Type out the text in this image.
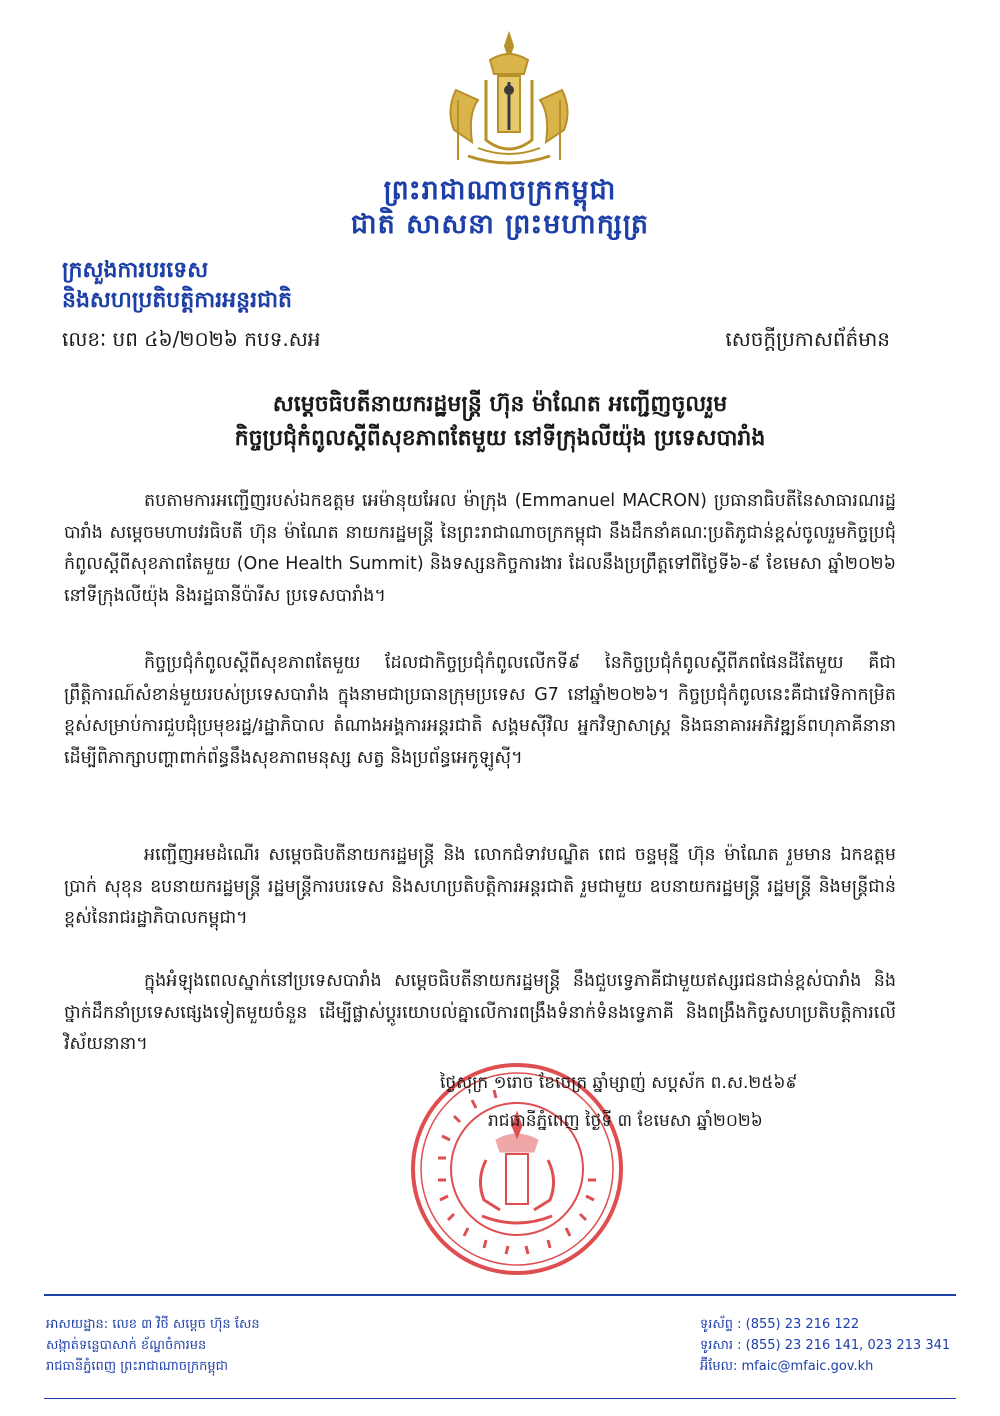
ព្រះរាជាណាចក្រកម្ពុជា
ជាតិ សាសនា ព្រះមហាក្សត្រ
ក្រសួងការបរទេស
និងសហប្រតិបត្តិការអន្តរជាតិ
លេខៈ បព ៤៦/២០២៦ កបទ.សអ	សេចក្តីប្រកាសព័ត៌មាន
សម្តេចធិបតីនាយករដ្ឋមន្ត្រី ហ៊ុន ម៉ាណែត អញ្ជើញចូលរួម
កិច្ចប្រជុំកំពូលស្តីពីសុខភាពតែមួយ នៅទីក្រុងលីយ៉ុង ប្រទេសបារាំង
តបតាមការអញ្ជើញរបស់ឯកឧត្តម អេម៉ានុយអែល ម៉ាក្រុង (Emmanuel MACRON) ប្រធានាធិបតីនៃសាធារណរដ្ឋបារាំង សម្តេចមហាបវរធិបតី ហ៊ុន ម៉ាណែត នាយករដ្ឋមន្ត្រី នៃព្រះរាជាណាចក្រកម្ពុជា នឹងដឹកនាំគណៈប្រតិភូជាន់ខ្ពស់ចូលរួមកិច្ចប្រជុំកំពូលស្តីពីសុខភាពតែមួយ (One Health Summit) និងទស្សនកិច្ចការងារ ដែលនឹងប្រព្រឹត្តទៅពីថ្ងៃទី៦-៩ ខែមេសា ឆ្នាំ២០២៦ នៅទីក្រុងលីយ៉ុង និងរដ្ឋធានីប៉ារីស ប្រទេសបារាំង។
កិច្ចប្រជុំកំពូលស្តីពីសុខភាពតែមួយ ដែលជាកិច្ចប្រជុំកំពូលលើកទី៩ នៃកិច្ចប្រជុំកំពូលស្តីពីភពផែនដីតែមួយ គឺជាព្រឹត្តិការណ៍សំខាន់មួយរបស់ប្រទេសបារាំង ក្នុងនាមជាប្រធានក្រុមប្រទេស G7 នៅឆ្នាំ២០២៦។ កិច្ចប្រជុំកំពូលនេះគឺជាវេទិកាកម្រិតខ្ពស់សម្រាប់ការជួបជុំប្រមុខរដ្ឋ/រដ្ឋាភិបាល តំណាងអង្គការអន្តរជាតិ សង្គមស៊ីវិល អ្នកវិទ្យាសាស្ត្រ និងធនាគារអភិវឌ្ឍន៍ពហុភាគីនានា ដើម្បីពិភាក្សាបញ្ហាពាក់ព័ន្ធនឹងសុខភាពមនុស្ស សត្វ និងប្រព័ន្ធអេកូឡូស៊ី។
អញ្ជើញអមដំណើរ សម្តេចធិបតីនាយករដ្ឋមន្ត្រី និង លោកជំទាវបណ្ឌិត ពេជ ចន្ទមុន្នី ហ៊ុន ម៉ាណែត រួមមាន ឯកឧត្តម ប្រាក់ សុខុន ឧបនាយករដ្ឋមន្ត្រី រដ្ឋមន្ត្រីការបរទេស និងសហប្រតិបត្តិការអន្តរជាតិ រួមជាមួយ ឧបនាយករដ្ឋមន្ត្រី រដ្ឋមន្ត្រី និងមន្ត្រីជាន់ខ្ពស់នៃរាជរដ្ឋាភិបាលកម្ពុជា។
ក្នុងអំឡុងពេលស្នាក់នៅប្រទេសបារាំង សម្តេចធិបតីនាយករដ្ឋមន្ត្រី នឹងជួបទ្វេភាគីជាមួយឥស្សរជនជាន់ខ្ពស់បារាំង និងថ្នាក់ដឹកនាំប្រទេសផ្សេងទៀតមួយចំនួន ដើម្បីផ្លាស់ប្តូរយោបល់គ្នាលើការពង្រឹងទំនាក់ទំនងទ្វេភាគី និងពង្រឹងកិច្ចសហប្រតិបត្តិការលើវិស័យនានា។
ថ្ងៃសុក្រ ១រោច ខែចេត្រ ឆ្នាំម្សាញ់ សប្តស័ក ព.ស.២៥៦៩
រាជធានីភ្នំពេញ ថ្ងៃទី ៣ ខែមេសា ឆ្នាំ២០២៦
អាសយដ្ឋាន: លេខ ៣ វិថី សម្តេច ហ៊ុន សែន
សង្កាត់ទន្លេបាសាក់ ខ័ណ្ឌចំការមន
រាជធានីភ្នំពេញ ព្រះរាជាណាចក្រកម្ពុជា
ទូរស័ព្ទ : (855) 23 216 122
ទូរសារ : (855) 23 216 141, 023 213 341
អ៊ីមែល: mfaic@mfaic.gov.kh
